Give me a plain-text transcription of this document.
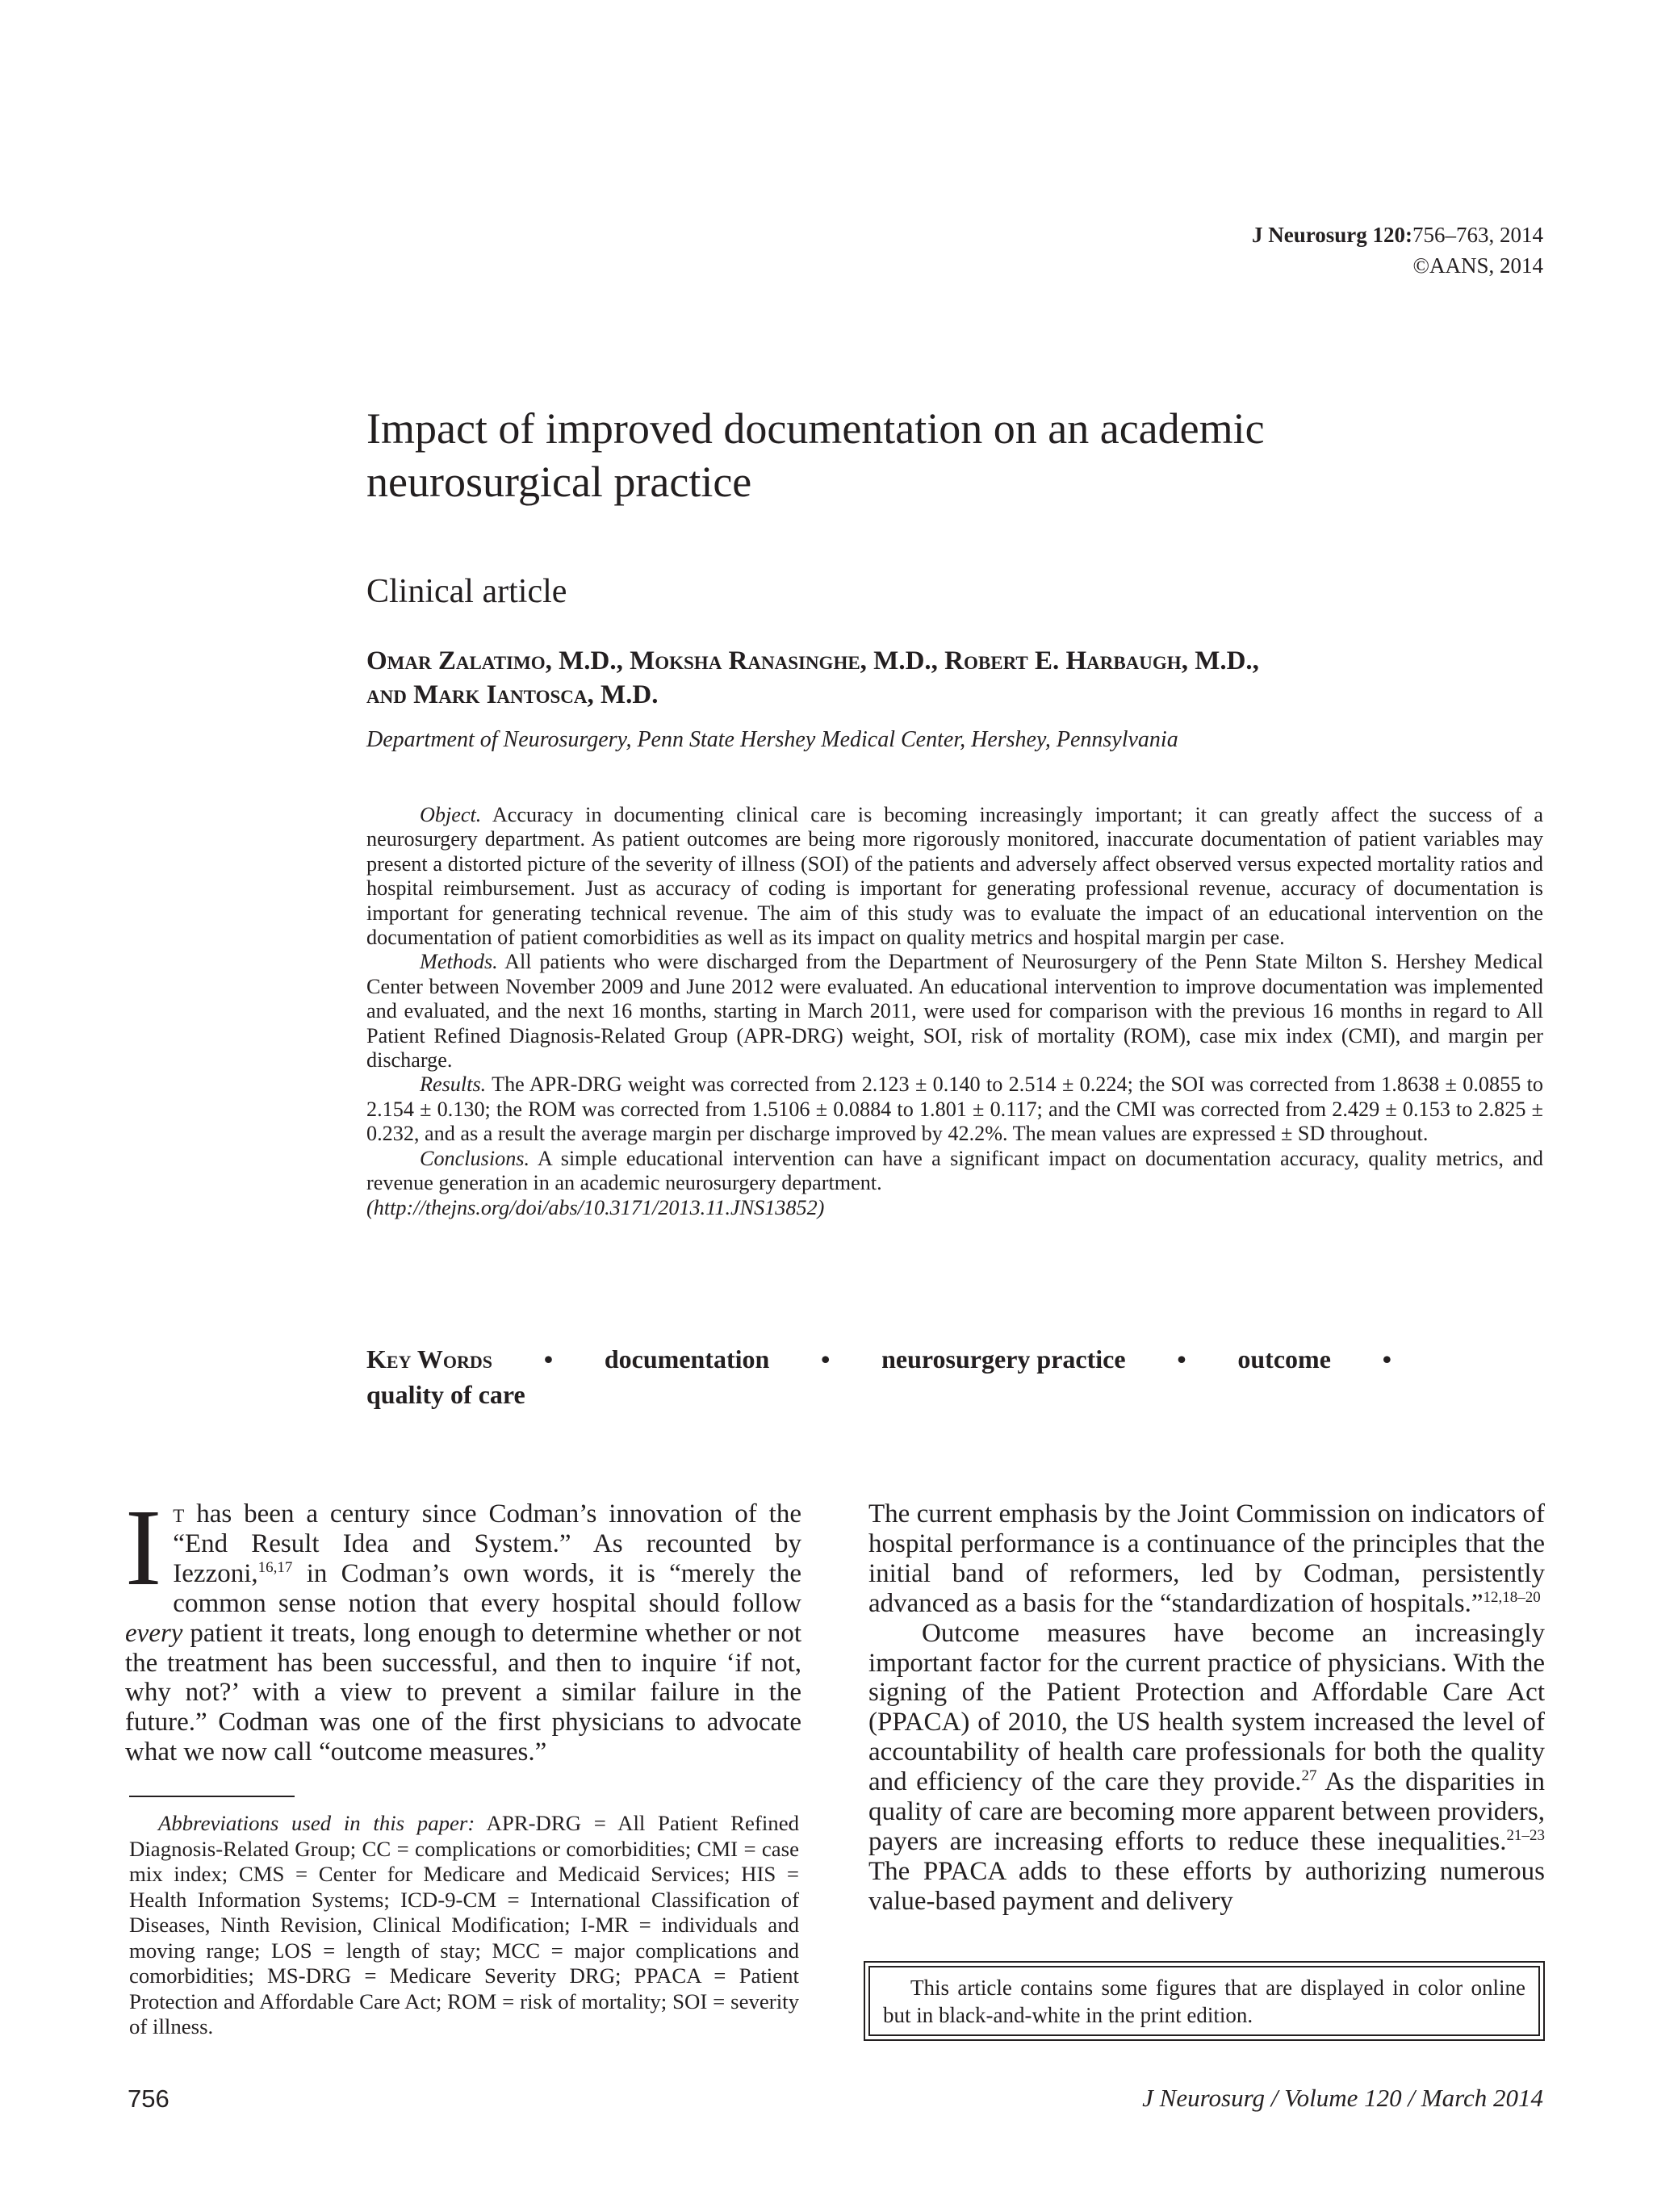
J Neurosurg 120:756–763, 2014
©AANS, 2014
Impact of improved documentation on an academic neurosurgical practice
Clinical article
Omar Zalatimo, M.D., Moksha Ranasinghe, M.D., Robert E. Harbaugh, M.D.,
and Mark Iantosca, M.D.
Department of Neurosurgery, Penn State Hershey Medical Center, Hershey, Pennsylvania

Object. Accuracy in documenting clinical care is becoming increasingly important; it can greatly affect the success of a neurosurgery department. As patient outcomes are being more rigorously monitored, inaccurate documentation of patient variables may present a distorted picture of the severity of illness (SOI) of the patients and adversely affect observed versus expected mortality ratios and hospital reimbursement. Just as accuracy of coding is important for generating professional revenue, accuracy of documentation is important for generating technical revenue. The aim of this study was to evaluate the impact of an educational intervention on the documentation of patient comorbidities as well as its impact on quality metrics and hospital margin per case.

Methods. All patients who were discharged from the Department of Neurosurgery of the Penn State Milton S. Hershey Medical Center between November 2009 and June 2012 were evaluated. An educational intervention to improve documentation was implemented and evaluated, and the next 16 months, starting in March 2011, were used for comparison with the previous 16 months in regard to All Patient Refined Diagnosis-Related Group (APR-DRG) weight, SOI, risk of mortality (ROM), case mix index (CMI), and margin per discharge.

Results. The APR-DRG weight was corrected from 2.123 ± 0.140 to 2.514 ± 0.224; the SOI was corrected from 1.8638 ± 0.0855 to 2.154 ± 0.130; the ROM was corrected from 1.5106 ± 0.0884 to 1.801 ± 0.117; and the CMI was corrected from 2.429 ± 0.153 to 2.825 ± 0.232, and as a result the average margin per discharge improved by 42.2%. The mean values are expressed ± SD throughout.

Conclusions. A simple educational intervention can have a significant impact on documentation accuracy, quality metrics, and revenue generation in an academic neurosurgery department.

(http://thejns.org/doi/abs/10.3171/2013.11.JNS13852)

Key Words • documentation • neurosurgery practice • outcome •
quality of care

It has been a century since Codman’s innovation of the “End Result Idea and System.” As recounted by Iezzoni,$^{16,17}$ in Codman’s own words, it is “merely the common sense notion that every hospital should follow every patient it treats, long enough to determine whether or not the treatment has been successful, and then to inquire ‘if not, why not?’ with a view to prevent a similar failure in the future.” Codman was one of the first physicians to advocate what we now call “outcome measures.”

The current emphasis by the Joint Commission on indicators of hospital performance is a continuance of the principles that the initial band of reformers, led by Codman, persistently advanced as a basis for the “standardization of hospitals.”$^{12,18-20}$

Outcome measures have become an increasingly important factor for the current practice of physicians. With the signing of the Patient Protection and Affordable Care Act (PPACA) of 2010, the US health system increased the level of accountability of health care professionals for both the quality and efficiency of the care they provide.$^{27}$ As the disparities in quality of care are becoming more apparent between providers, payers are increasing efforts to reduce these inequalities.$^{21-23}$ The PPACA adds to these efforts by authorizing numerous value-based payment and delivery

Abbreviations used in this paper: APR-DRG = All Patient Refined Diagnosis-Related Group; CC = complications or comorbidities; CMI = case mix index; CMS = Center for Medicare and Medicaid Services; HIS = Health Information Systems; ICD-9-CM = International Classification of Diseases, Ninth Revision, Clinical Modification; I-MR = individuals and moving range; LOS = length of stay; MCC = major complications and comorbidities; MS-DRG = Medicare Severity DRG; PPACA = Patient Protection and Affordable Care Act; ROM = risk of mortality; SOI = severity of illness.

This article contains some figures that are displayed in color online but in black-and-white in the print edition.
756	J Neurosurg / Volume 120 / March 2014
